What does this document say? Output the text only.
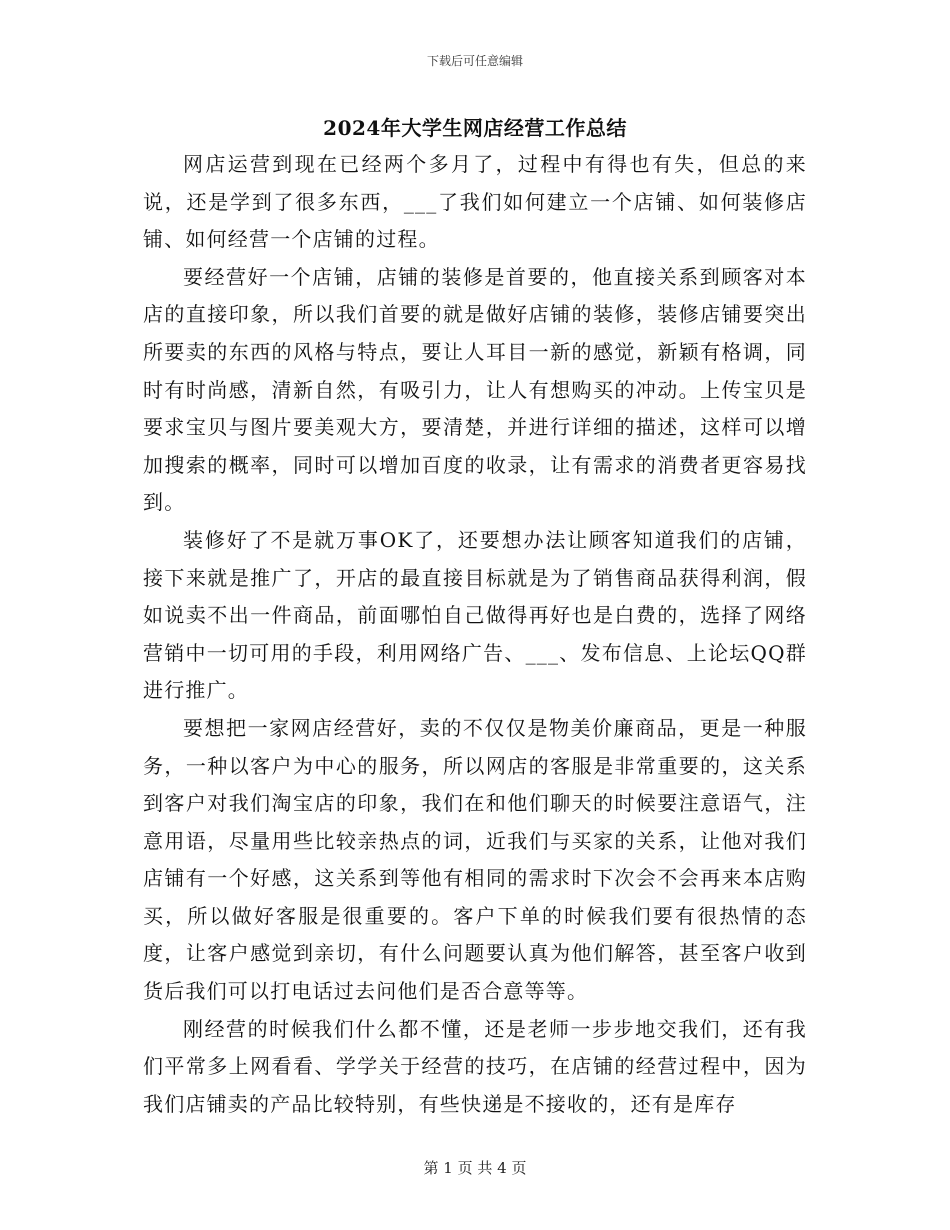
下载后可任意编辑
2024年大学生网店经营工作总结

网店运营到现在已经两个多月了，过程中有得也有失，但总的来说，还是学到了很多东西，___了我们如何建立一个店铺、如何装修店铺、如何经营一个店铺的过程。

要经营好一个店铺，店铺的装修是首要的，他直接关系到顾客对本店的直接印象，所以我们首要的就是做好店铺的装修，装修店铺要突出所要卖的东西的风格与特点，要让人耳目一新的感觉，新颖有格调，同时有时尚感，清新自然，有吸引力，让人有想购买的冲动。上传宝贝是要求宝贝与图片要美观大方，要清楚，并进行详细的描述，这样可以增加搜索的概率，同时可以增加百度的收录，让有需求的消费者更容易找到。

装修好了不是就万事OK了，还要想办法让顾客知道我们的店铺，接下来就是推广了，开店的最直接目标就是为了销售商品获得利润，假如说卖不出一件商品，前面哪怕自己做得再好也是白费的，选择了网络营销中一切可用的手段，利用网络广告、___、发布信息、上论坛QQ群进行推广。

要想把一家网店经营好，卖的不仅仅是物美价廉商品，更是一种服务，一种以客户为中心的服务，所以网店的客服是非常重要的，这关系到客户对我们淘宝店的印象，我们在和他们聊天的时候要注意语气，注意用语，尽量用些比较亲热点的词，近我们与买家的关系，让他对我们店铺有一个好感，这关系到等他有相同的需求时下次会不会再来本店购买，所以做好客服是很重要的。客户下单的时候我们要有很热情的态度，让客户感觉到亲切，有什么问题要认真为他们解答，甚至客户收到货后我们可以打电话过去问他们是否合意等等。

刚经营的时候我们什么都不懂，还是老师一步步地交我们，还有我们平常多上网看看、学学关于经营的技巧，在店铺的经营过程中，因为我们店铺卖的产品比较特别，有些快递是不接收的，还有是库存

第 1 页 共 4 页
